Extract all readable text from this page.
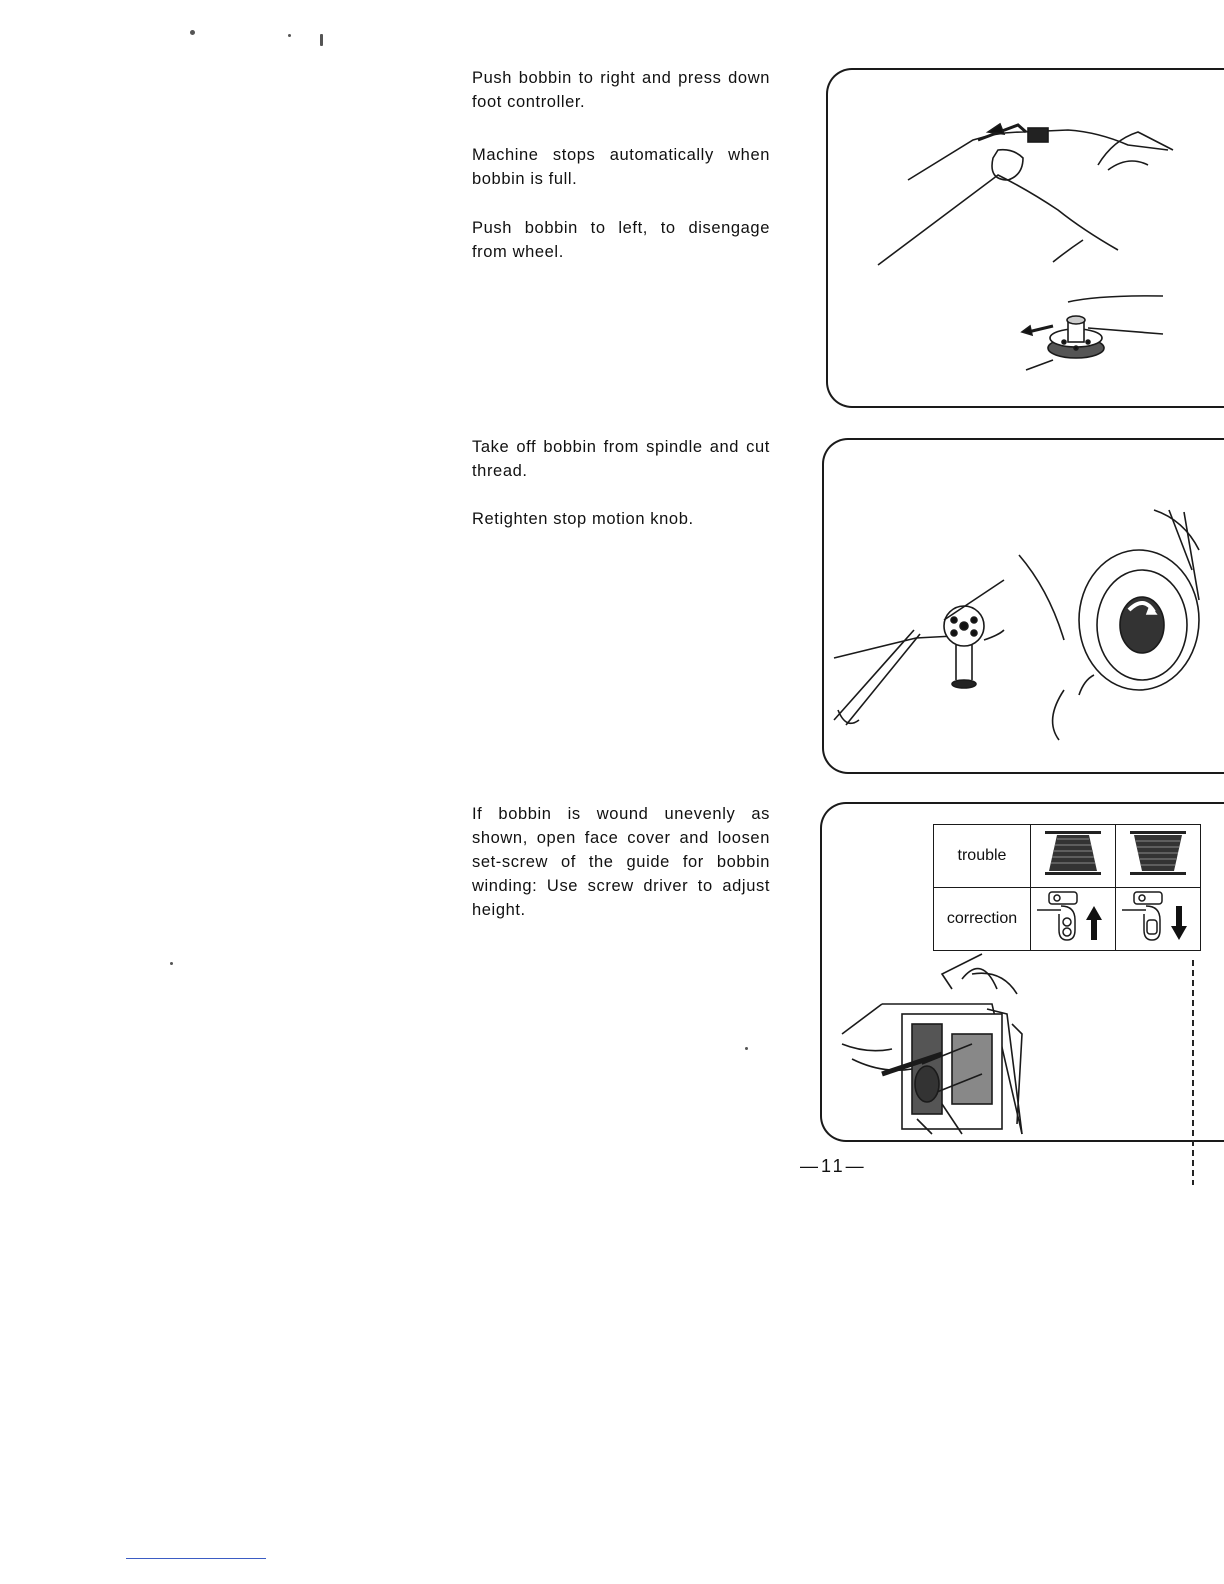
Push bobbin to right and press down foot controller.
Machine stops automatically when bobbin is full.
Push bobbin to left, to disengage from wheel.
Take off bobbin from spindle and cut thread.
Retighten stop motion knob.
If bobbin is wound unevenly as shown, open face cover and loosen set-screw of the guide for bobbin winding: Use screw driver to adjust height.
trouble		
correction		
—11—
